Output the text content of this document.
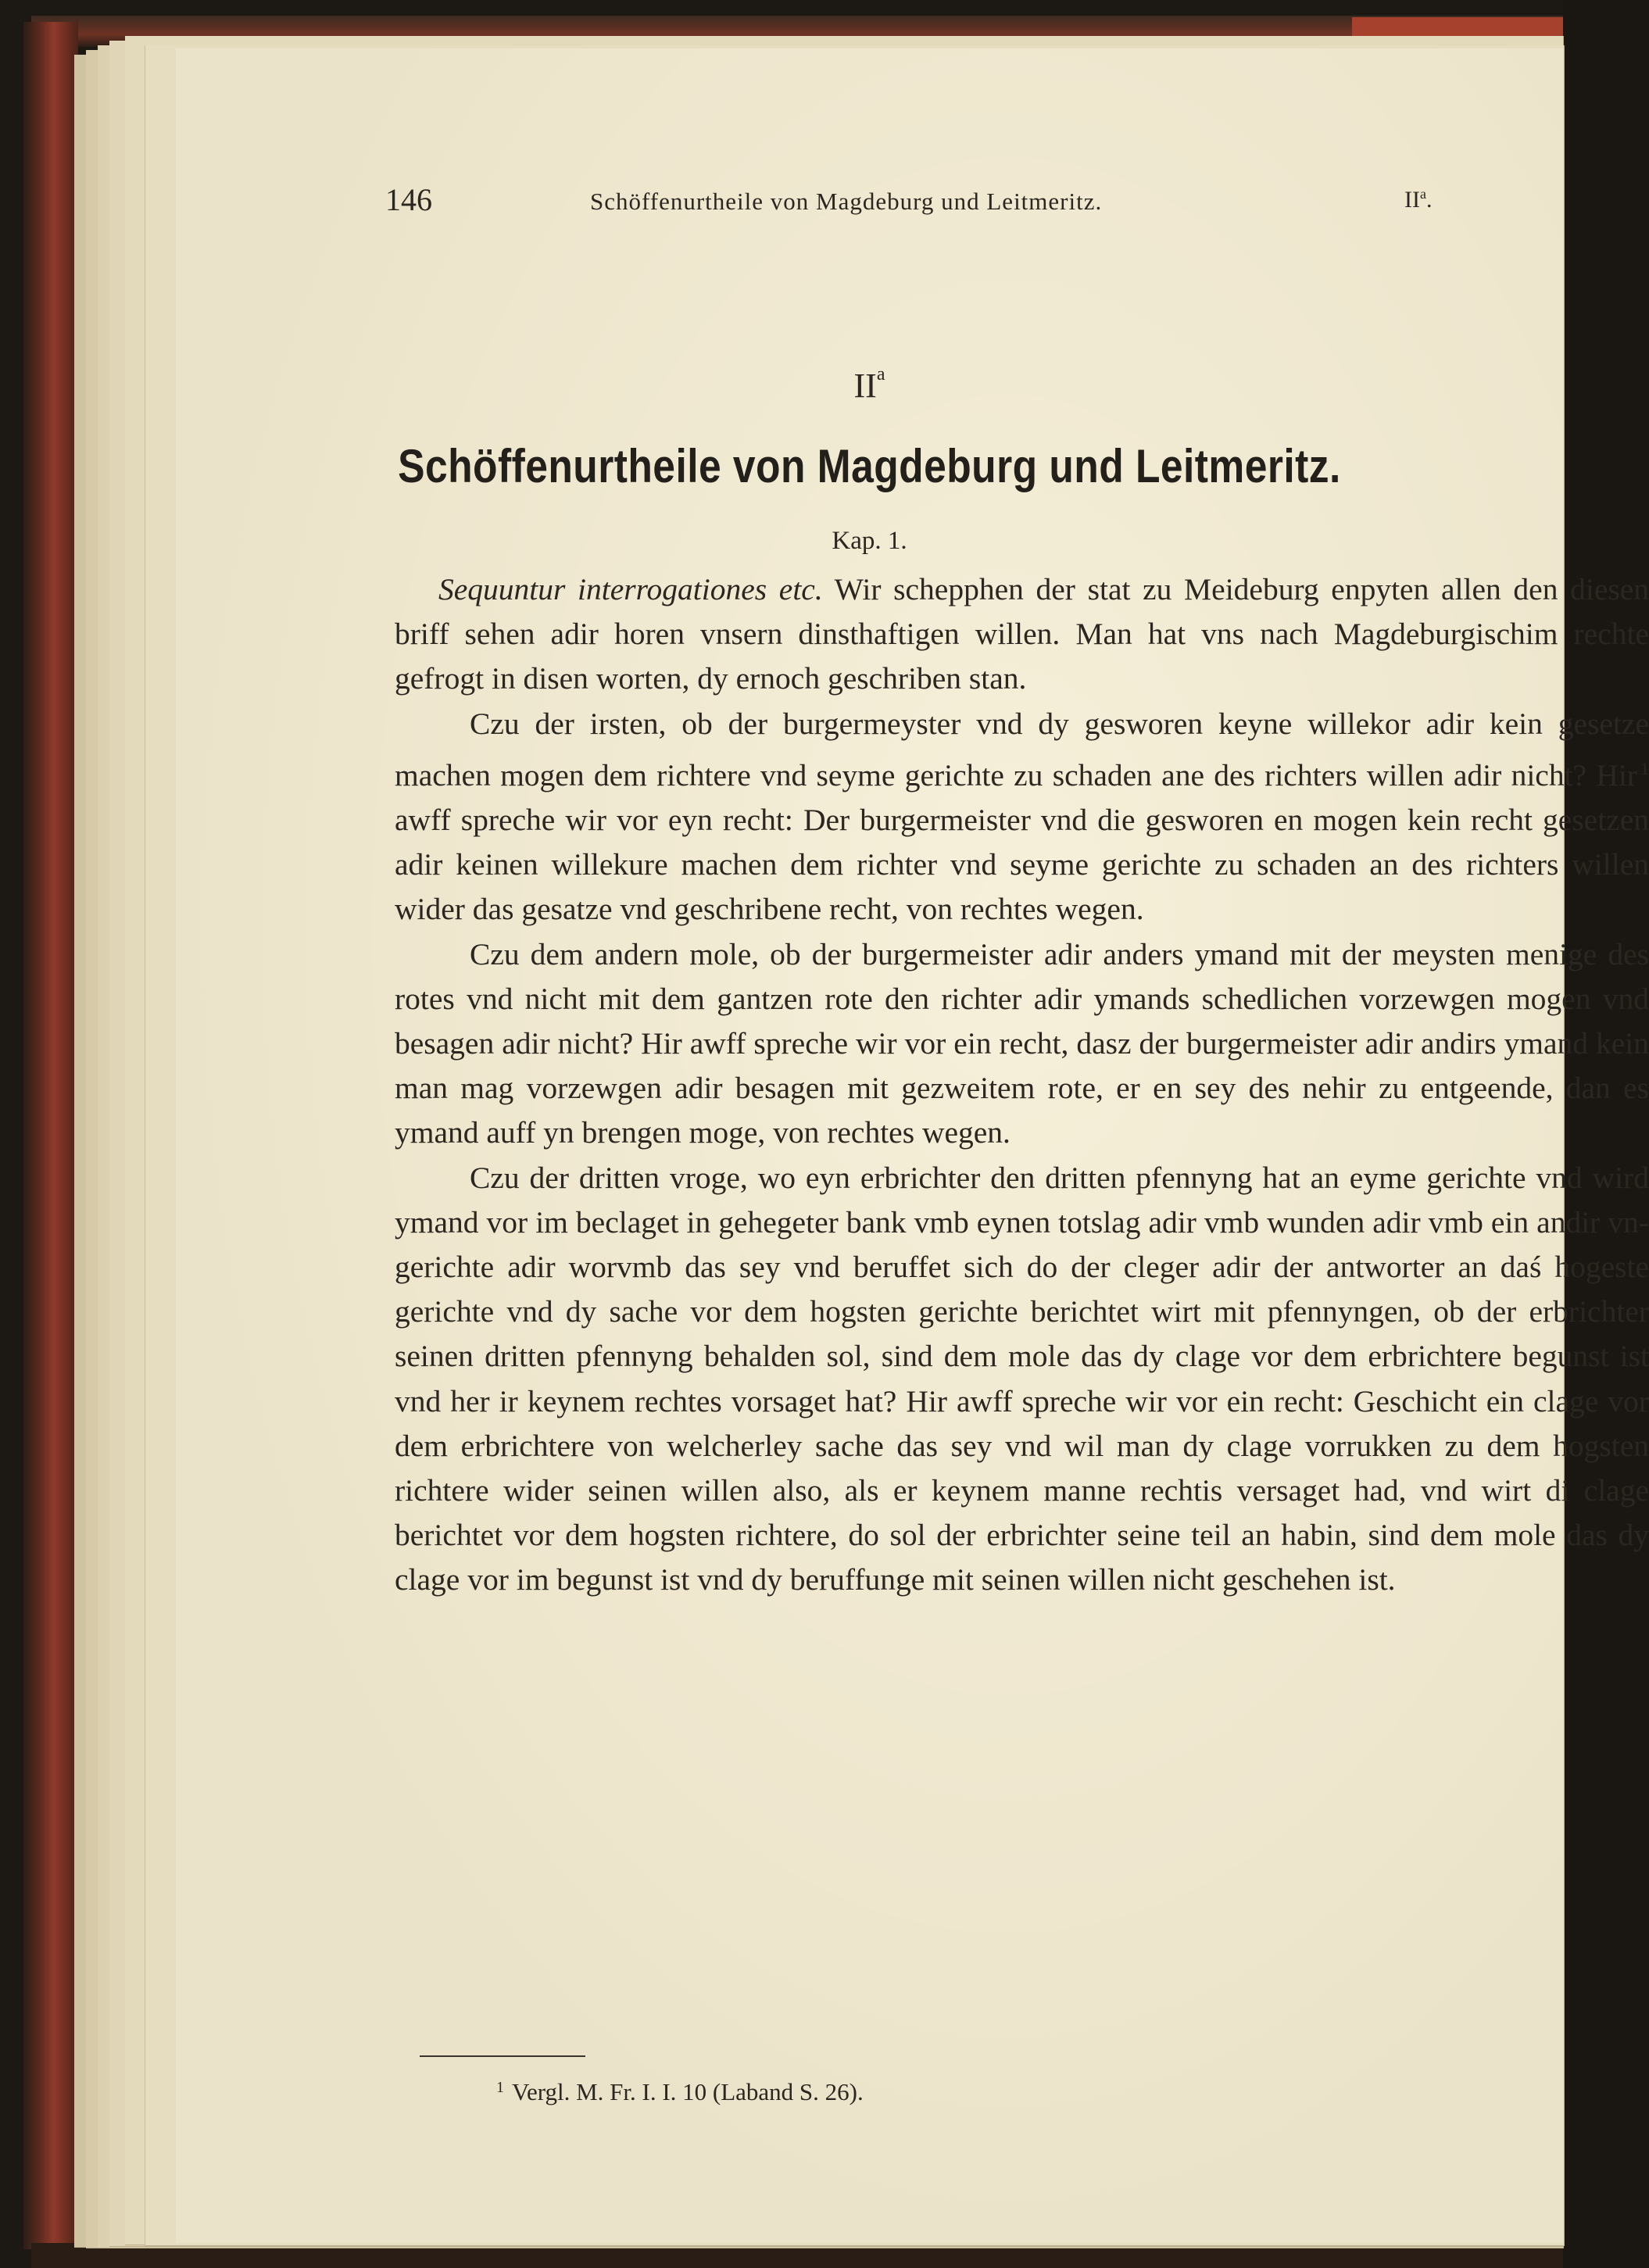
146	Schöffenurtheile von Magdeburg und Leitmeritz.	$II^a$.
$II^a$
Schöffenurtheile von Magdeburg und Leitmeritz.
Kap. 1.

Sequuntur interrogationes etc. Wir schepphen der stat zu Meideburg enpyten allen den diesen briff sehen adir horen vnsern dinsthaftigen willen. Man hat vns nach Magdeburgischim rechte gefrogt in disen worten, dy ernoch geschriben stan.

Czu der irsten, ob der burgermeyster vnd dy gesworen keyne willekor adir kein gesetze machen mogen dem richtere vnd seyme gerichte zu schaden ane des richters willen adir nicht? Hir $^1$ awff spreche wir vor eyn recht: Der burgermeister vnd die gesworen en mogen kein recht gesetzen adir keinen willekure machen dem richter vnd seyme gerichte zu schaden an des richters willen wider das gesatze vnd geschribene recht, von rechtes wegen.

Czu dem andern mole, ob der burgermeister adir anders ymand mit der meysten menige des rotes vnd nicht mit dem gantzen rote den richter adir ymands schedlichen vorzewgen mogen vnd besagen adir nicht? Hir awff spreche wir vor ein recht, dasz der burgermeister adir andirs ymand kein man mag vorzewgen adir besagen mit gezweitem rote, er en sey des nehir zu entgeende, dan es ymand auff yn brengen moge, von rechtes wegen.

Czu der dritten vroge, wo eyn erbrichter den dritten pfennyng hat an eyme gerichte vnd wird ymand vor im beclaget in gehegeter bank vmb eynen totslag adir vmb wunden adir vmb ein andir vngerichte adir worvmb das sey vnd beruffet sich do der cleger adir der antworter an daś hogeste gerichte vnd dy sache vor dem hogsten gerichte berichtet wirt mit pfennyngen, ob der erbrichter seinen dritten pfennyng behalden sol, sind dem mole das dy clage vor dem erbrichtere begunst ist vnd her ir keynem rechtes vorsaget hat? Hir awff spreche wir vor ein recht: Geschicht ein clage vor dem erbrichtere von welcherley sache das sey vnd wil man dy clage vorrukken zu dem hogsten richtere wider seinen willen also, als er keynem manne rechtis versaget had, vnd wirt di clage berichtet vor dem hogsten richtere, do sol der erbrichter seine teil an habin, sind dem mole das dy clage vor im begunst ist vnd dy beruffunge mit seinen willen nicht geschehen ist.

$^1$ Vergl. M. Fr. I. I. 10 (Laband S. 26).
